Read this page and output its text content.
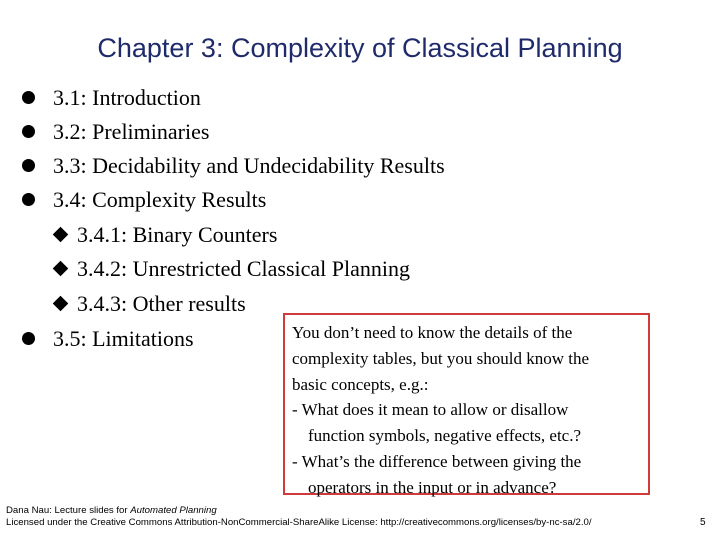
Chapter 3: Complexity of Classical Planning
3.1: Introduction
3.2: Preliminaries
3.3: Decidability and Undecidability Results
3.4: Complexity Results
3.4.1: Binary Counters
3.4.2: Unrestricted Classical Planning
3.4.3: Other results
3.5: Limitations	You don’t need to know the details of the
complexity tables, but you should know the
basic concepts, e.g.:
- What does it mean to allow or disallow
function symbols, negative effects, etc.?
- What’s the difference between giving the
operators in the input or in advance?
Dana Nau: Lecture slides for Automated Planning
Licensed under the Creative Commons Attribution-NonCommercial-ShareAlike License: http://creativecommons.org/licenses/by-nc-sa/2.0/	5
